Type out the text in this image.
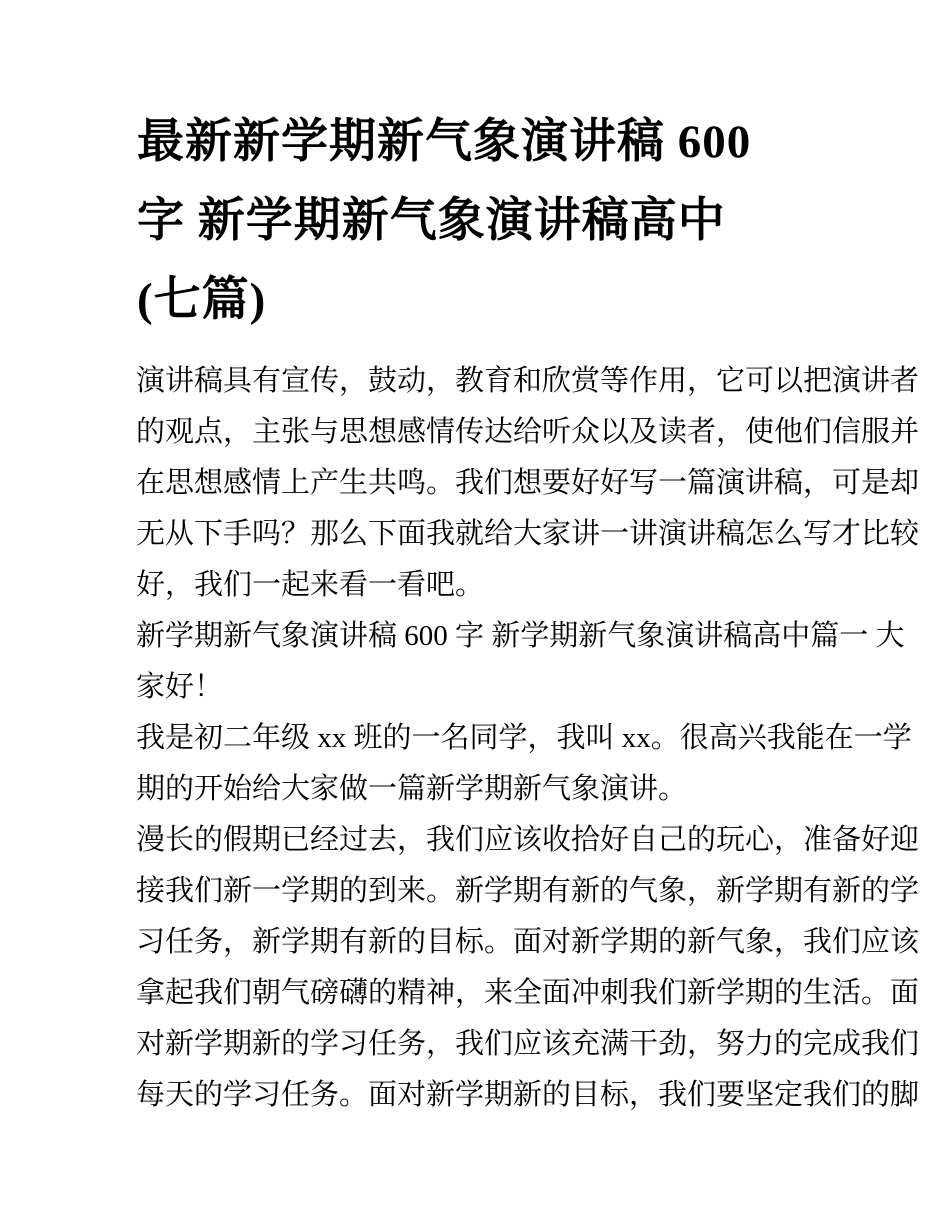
最新新学期新气象演讲稿 600
字 新学期新气象演讲稿高中
(七篇)
演讲稿具有宣传，鼓动，教育和欣赏等作用，它可以把演讲者
的观点，主张与思想感情传达给听众以及读者，使他们信服并
在思想感情上产生共鸣。我们想要好好写一篇演讲稿，可是却
无从下手吗？那么下面我就给大家讲一讲演讲稿怎么写才比较
好，我们一起来看一看吧。
新学期新气象演讲稿 600 字 新学期新气象演讲稿高中篇一 大
家好！
我是初二年级 xx 班的一名同学，我叫 xx。很高兴我能在一学
期的开始给大家做一篇新学期新气象演讲。
漫长的假期已经过去，我们应该收拾好自己的玩心，准备好迎
接我们新一学期的到来。新学期有新的气象，新学期有新的学
习任务，新学期有新的目标。面对新学期的新气象，我们应该
拿起我们朝气磅礴的精神，来全面冲刺我们新学期的生活。面
对新学期新的学习任务，我们应该充满干劲，努力的完成我们
每天的学习任务。面对新学期新的目标，我们要坚定我们的脚
